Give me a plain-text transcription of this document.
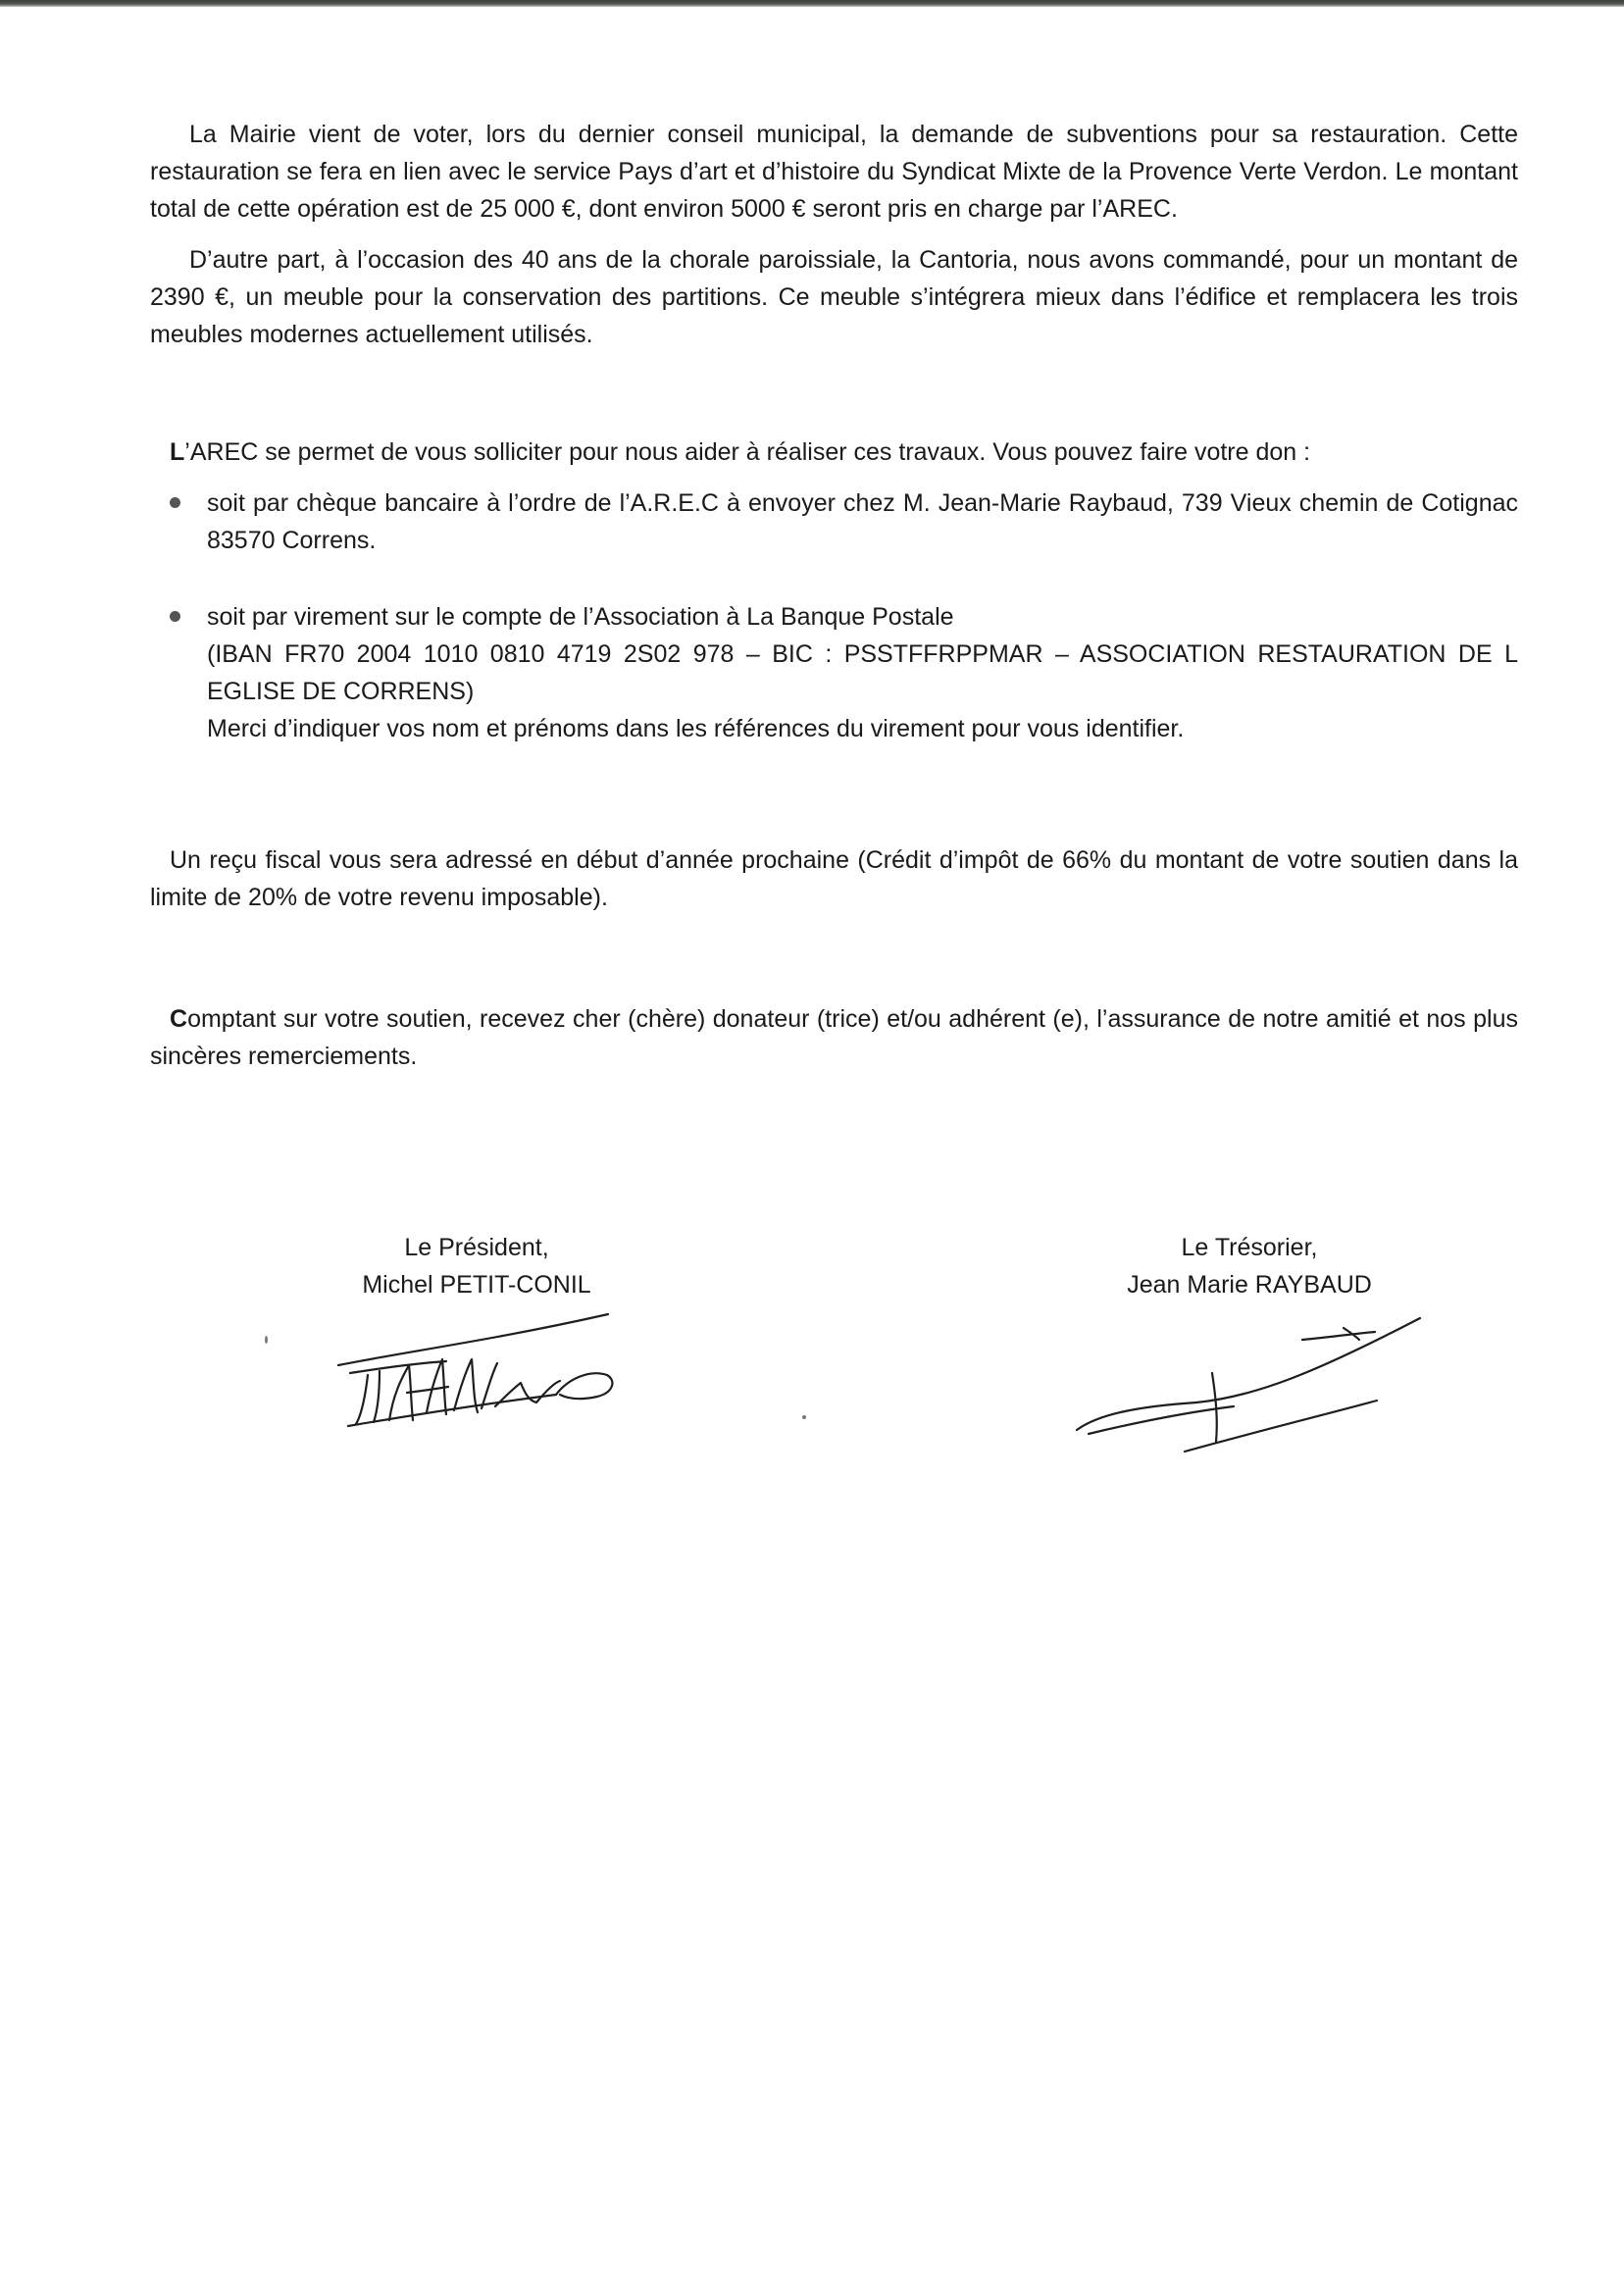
La Mairie vient de voter, lors du dernier conseil municipal, la demande de subventions pour sa restauration. Cette restauration se fera en lien avec le service Pays d’art et d’histoire du Syndicat Mixte de la Provence Verte Verdon. Le montant total de cette opération est de 25 000 €, dont environ 5000 € seront pris en charge par l’AREC.

D’autre part, à l’occasion des 40 ans de la chorale paroissiale, la Cantoria, nous avons commandé, pour un montant de 2390 €, un meuble pour la conservation des partitions. Ce meuble s’intégrera mieux dans l’édifice et remplacera les trois meubles modernes actuellement utilisés.

L’AREC se permet de vous solliciter pour nous aider à réaliser ces travaux. Vous pouvez faire votre don :

soit par chèque bancaire à l’ordre de l’A.R.E.C à envoyer chez M. Jean-Marie Raybaud, 739 Vieux chemin de Cotignac 83570 Correns.
soit par virement sur le compte de l’Association à La Banque Postale
(IBAN FR70 2004 1010 0810 4719 2S02 978 – BIC : PSSTFFRPPMAR – ASSOCIATION RESTAURATION DE L EGLISE DE CORRENS)
Merci d’indiquer vos nom et prénoms dans les références du virement pour vous identifier.

Un reçu fiscal vous sera adressé en début d’année prochaine (Crédit d’impôt de 66% du montant de votre soutien dans la limite de 20% de votre revenu imposable).

Comptant sur votre soutien, recevez cher (chère) donateur (trice) et/ou adhérent (e), l’assurance de notre amitié et nos plus sincères remerciements.

Le Président,
Michel PETIT-CONIL
Le Trésorier,
Jean Marie RAYBAUD
